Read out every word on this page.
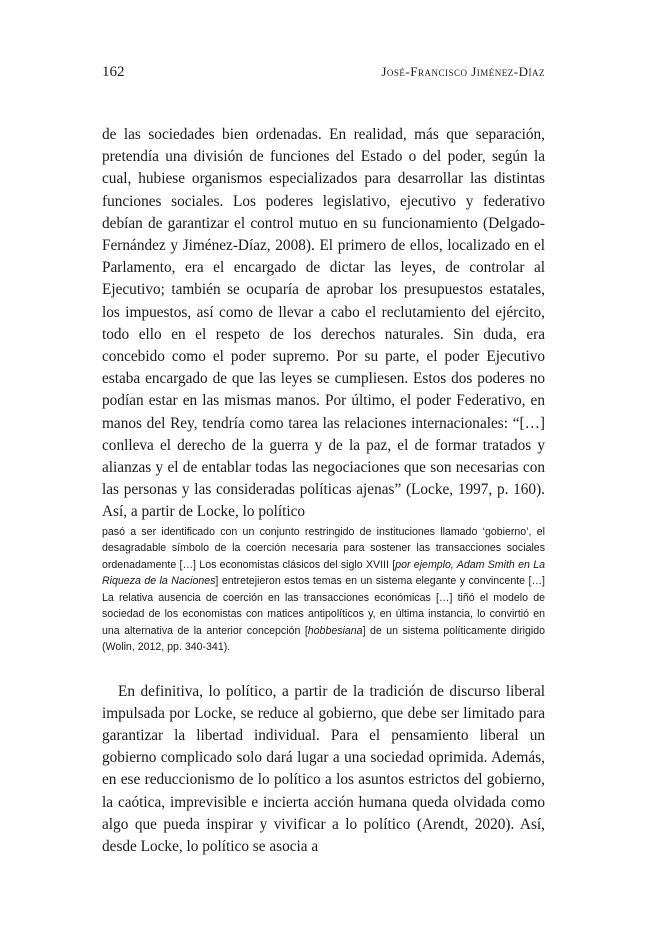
162	José-Francisco Jiménez-Díaz

de las sociedades bien ordenadas. En realidad, más que separación, pretendía una división de funciones del Estado o del poder, según la cual, hubiese organismos especializados para desarrollar las distintas funciones sociales. Los poderes legislativo, ejecutivo y federativo debían de garantizar el control mutuo en su funcionamiento (Delgado-Fernández y Jiménez-Díaz, 2008). El primero de ellos, localizado en el Parlamento, era el encargado de dictar las leyes, de controlar al Ejecutivo; también se ocuparía de aprobar los presupuestos estatales, los impuestos, así como de llevar a cabo el reclutamiento del ejército, todo ello en el respeto de los derechos naturales. Sin duda, era concebido como el poder supremo. Por su parte, el poder Ejecutivo estaba encargado de que las leyes se cumpliesen. Estos dos poderes no podían estar en las mismas manos. Por último, el poder Federativo, en manos del Rey, tendría como tarea las relaciones internacionales: “[…] conlleva el derecho de la guerra y de la paz, el de formar tratados y alianzas y el de entablar todas las negociaciones que son necesarias con las personas y las consideradas políticas ajenas” (Locke, 1997, p. 160). Así, a partir de Locke, lo político

pasó a ser identificado con un conjunto restringido de instituciones llamado ‘gobierno’, el desagradable símbolo de la coerción necesaria para sostener las transacciones sociales ordenadamente […] Los economistas clásicos del siglo XVIII [por ejemplo, Adam Smith en La Riqueza de la Naciones] entretejieron estos temas en un sistema elegante y convincente […] La relativa ausencia de coerción en las transacciones económicas […] tiñó el modelo de sociedad de los economistas con matices antipolíticos y, en última instancia, lo convirtió en una alternativa de la anterior concepción [hobbesiana] de un sistema políticamente dirigido (Wolin, 2012, pp. 340-341).

En definitiva, lo político, a partir de la tradición de discurso liberal impulsada por Locke, se reduce al gobierno, que debe ser limitado para garantizar la libertad individual. Para el pensamiento liberal un gobierno complicado solo dará lugar a una sociedad oprimida. Además, en ese reduccionismo de lo político a los asuntos estrictos del gobierno, la caótica, imprevisible e incierta acción humana queda olvidada como algo que pueda inspirar y vivificar a lo político (Arendt, 2020). Así, desde Locke, lo político se asocia a
